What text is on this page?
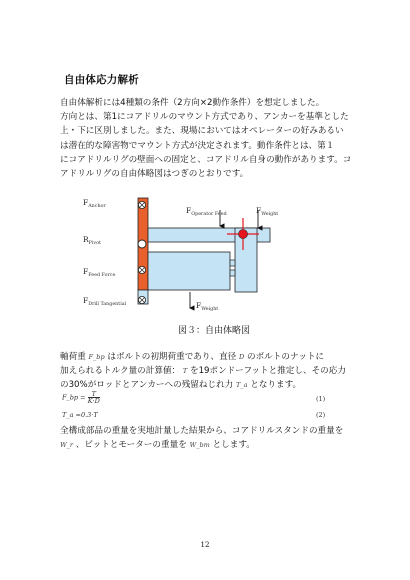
自由体応力解析
自由体解析には4種類の条件（2方向×2動作条件）を想定しました。
方向とは、第1にコアドリルのマウント方式であり、アンカーを基準とした
上・下に区別しました。また、現場においてはオペレーターの好みあるい
は潜在的な障害物でマウント方式が決定されます。動作条件とは、第１
にコアドリルリグの壁面への固定と、コアドリル自身の動作があります。コ
アドリルリグの自由体略図はつぎのとおりです。
$F_{Anchor}$
$R_{Pivot}$
$F_{Feed Force}$
$F_{Drill Tangential}$
$F_{Operator Feed}$	$F_{Weight}$
$F_{Weight}$
図３：自由体略図
軸荷重 F_bp はボルトの初期荷重であり、直径 D のボルトのナットに
加えられるトルク量の計算値： T を19ポンドーフットと推定し、その応力
の30%がロッドとアンカーへの残留ねじれ力 T_a となります。
F_bp = $\frac{T}{K\cdot D}$	(1)
T_a =0.3·T	(2)
全構成部品の重量を実地計量した結果から、コアドリルスタンドの重量を
W_r 、ビットとモーターの重量を W_bm とします。
12
